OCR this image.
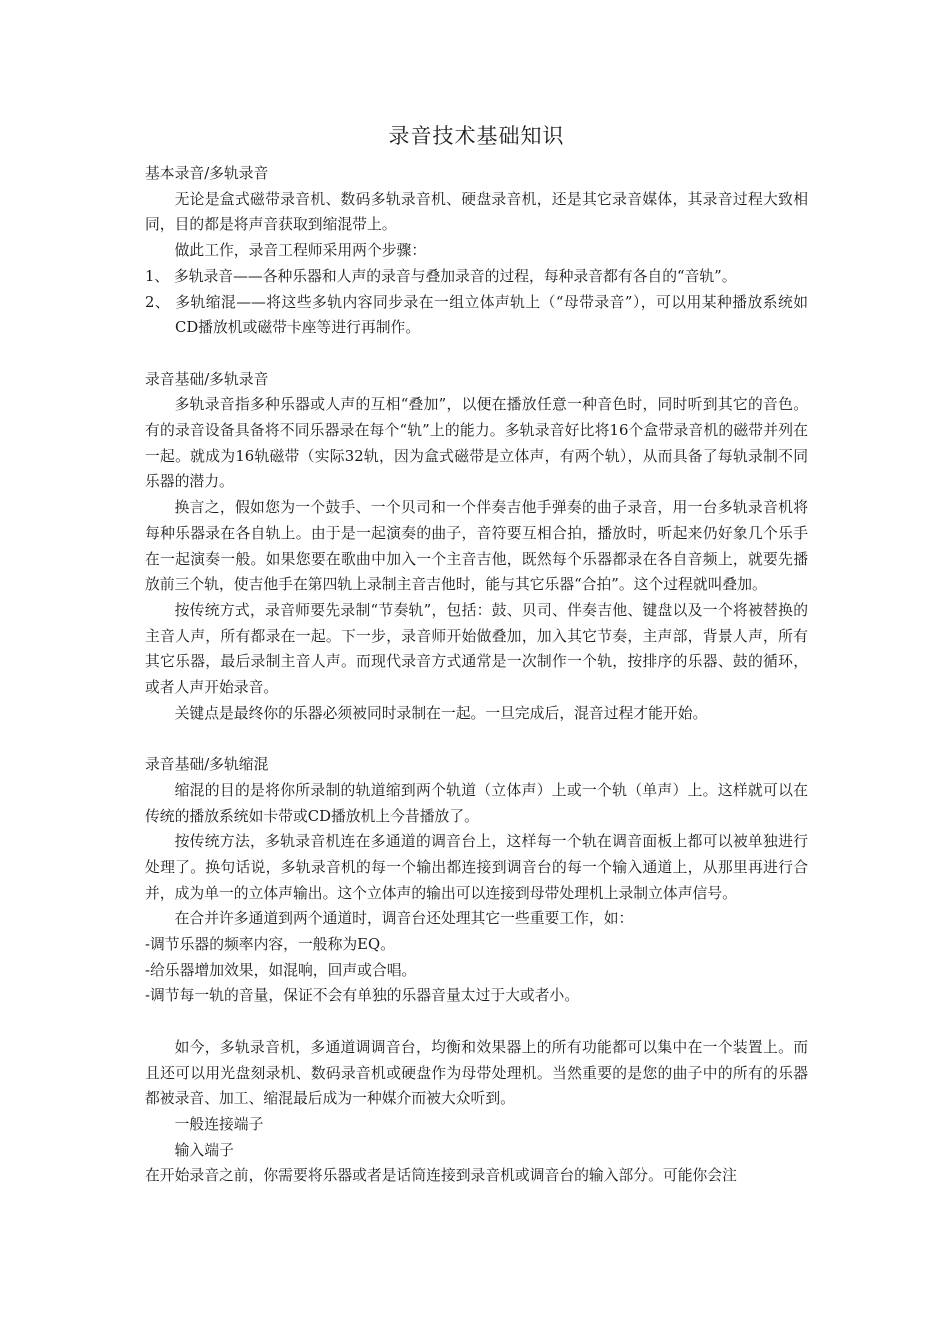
录音技术基础知识

基本录音/多轨录音

无论是盒式磁带录音机、数码多轨录音机、硬盘录音机，还是其它录音媒体，其录音过程大致相同，目的都是将声音获取到缩混带上。

做此工作，录音工程师采用两个步骤：

1、 多轨录音——各种乐器和人声的录音与叠加录音的过程，每种录音都有各自的“音轨”。

2、 多轨缩混——将这些多轨内容同步录在一组立体声轨上（“母带录音”），可以用某种播放系统如CD播放机或磁带卡座等进行再制作。

录音基础/多轨录音

多轨录音指多种乐器或人声的互相“叠加”，以便在播放任意一种音色时，同时听到其它的音色。有的录音设备具备将不同乐器录在每个“轨”上的能力。多轨录音好比将16个盒带录音机的磁带并列在一起。就成为16轨磁带（实际32轨，因为盒式磁带是立体声，有两个轨），从而具备了每轨录制不同乐器的潜力。

换言之，假如您为一个鼓手、一个贝司和一个伴奏吉他手弹奏的曲子录音，用一台多轨录音机将每种乐器录在各自轨上。由于是一起演奏的曲子，音符要互相合拍，播放时，听起来仍好象几个乐手在一起演奏一般。如果您要在歌曲中加入一个主音吉他，既然每个乐器都录在各自音频上，就要先播放前三个轨，使吉他手在第四轨上录制主音吉他时，能与其它乐器“合拍”。这个过程就叫叠加。

按传统方式，录音师要先录制“节奏轨”，包括：鼓、贝司、伴奏吉他、键盘以及一个将被替换的主音人声，所有都录在一起。下一步，录音师开始做叠加，加入其它节奏，主声部，背景人声，所有其它乐器，最后录制主音人声。而现代录音方式通常是一次制作一个轨，按排序的乐器、鼓的循环，或者人声开始录音。

关键点是最终你的乐器必须被同时录制在一起。一旦完成后，混音过程才能开始。

录音基础/多轨缩混

缩混的目的是将你所录制的轨道缩到两个轨道（立体声）上或一个轨（单声）上。这样就可以在传统的播放系统如卡带或CD播放机上今昔播放了。

按传统方法，多轨录音机连在多通道的调音台上，这样每一个轨在调音面板上都可以被单独进行处理了。换句话说，多轨录音机的每一个输出都连接到调音台的每一个输入通道上，从那里再进行合并，成为单一的立体声输出。这个立体声的输出可以连接到母带处理机上录制立体声信号。

在合并许多通道到两个通道时，调音台还处理其它一些重要工作，如：

-调节乐器的频率内容，一般称为EQ。

-给乐器增加效果，如混响，回声或合唱。

-调节每一轨的音量，保证不会有单独的乐器音量太过于大或者小。

如今，多轨录音机，多通道调调音台，均衡和效果器上的所有功能都可以集中在一个装置上。而且还可以用光盘刻录机、数码录音机或硬盘作为母带处理机。当然重要的是您的曲子中的所有的乐器都被录音、加工、缩混最后成为一种媒介而被大众听到。

一般连接端子

输入端子

在开始录音之前，你需要将乐器或者是话筒连接到录音机或调音台的输入部分。可能你会注
